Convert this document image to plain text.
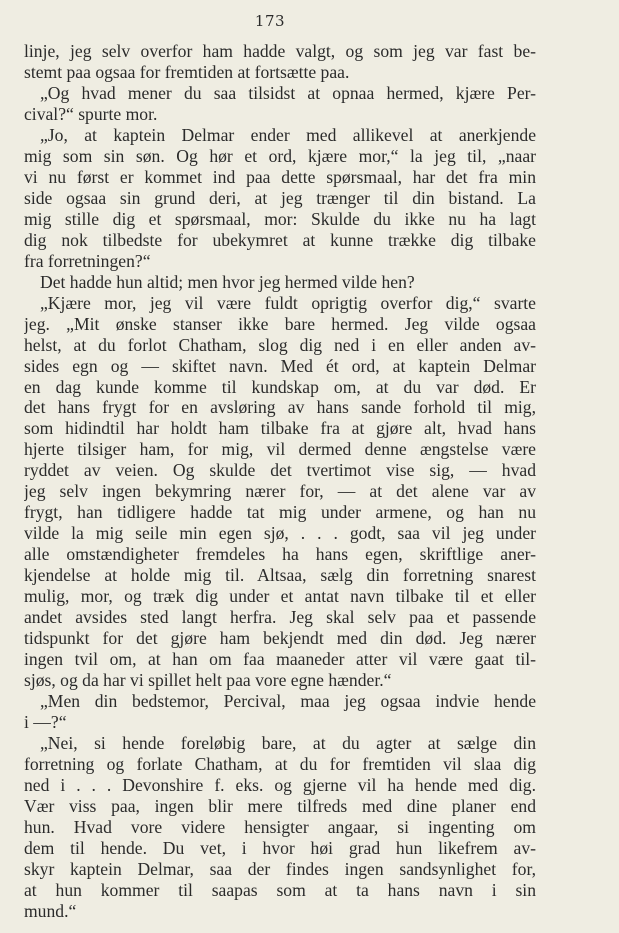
173
linje, jeg selv overfor ham hadde valgt, og som jeg var fast be-
stemt paa ogsaa for fremtiden at fortsætte paa.
„Og hvad mener du saa tilsidst at opnaa hermed, kjære Per-
cival?“ spurte mor.
„Jo, at kaptein Delmar ender med allikevel at anerkjende
mig som sin søn. Og hør et ord, kjære mor,“ la jeg til, „naar
vi nu først er kommet ind paa dette spørsmaal, har det fra min
side ogsaa sin grund deri, at jeg trænger til din bistand. La
mig stille dig et spørsmaal, mor: Skulde du ikke nu ha lagt
dig nok tilbedste for ubekymret at kunne trække dig tilbake
fra forretningen?“
Det hadde hun altid; men hvor jeg hermed vilde hen?
„Kjære mor, jeg vil være fuldt oprigtig overfor dig,“ svarte
jeg. „Mit ønske stanser ikke bare hermed. Jeg vilde ogsaa
helst, at du forlot Chatham, slog dig ned i en eller anden av-
sides egn og — skiftet navn. Med ét ord, at kaptein Delmar
en dag kunde komme til kundskap om, at du var død. Er
det hans frygt for en avsløring av hans sande forhold til mig,
som hidindtil har holdt ham tilbake fra at gjøre alt, hvad hans
hjerte tilsiger ham, for mig, vil dermed denne ængstelse være
ryddet av veien. Og skulde det tvertimot vise sig, — hvad
jeg selv ingen bekymring nærer for, — at det alene var av
frygt, han tidligere hadde tat mig under armene, og han nu
vilde la mig seile min egen sjø, . . . godt, saa vil jeg under
alle omstændigheter fremdeles ha hans egen, skriftlige aner-
kjendelse at holde mig til. Altsaa, sælg din forretning snarest
mulig, mor, og træk dig under et antat navn tilbake til et eller
andet avsides sted langt herfra. Jeg skal selv paa et passende
tidspunkt for det gjøre ham bekjendt med din død. Jeg nærer
ingen tvil om, at han om faa maaneder atter vil være gaat til-
sjøs, og da har vi spillet helt paa vore egne hænder.“
„Men din bedstemor, Percival, maa jeg ogsaa indvie hende
i —?“
„Nei, si hende foreløbig bare, at du agter at sælge din
forretning og forlate Chatham, at du for fremtiden vil slaa dig
ned i . . . Devonshire f. eks. og gjerne vil ha hende med dig.
Vær viss paa, ingen blir mere tilfreds med dine planer end
hun. Hvad vore videre hensigter angaar, si ingenting om
dem til hende. Du vet, i hvor høi grad hun likefrem av-
skyr kaptein Delmar, saa der findes ingen sandsynlighet for,
at hun kommer til saapas som at ta hans navn i sin
mund.“
